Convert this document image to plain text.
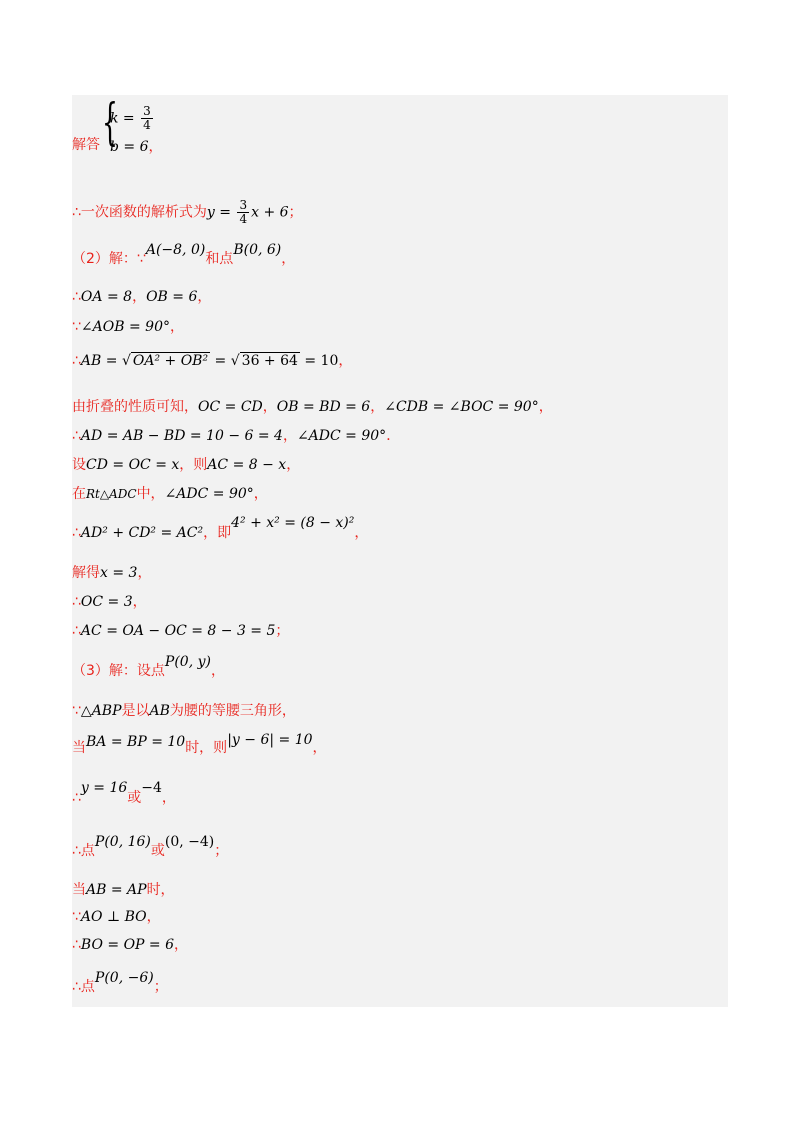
解答 {
$k = \frac{3}{4}$
b = 6，
∴一次函数的解析式为$y = \frac{3}{4}$ x + 6；
（2）解：∵A(−8, 0)和点B(0, 6)，
∴OA = 8，OB = 6，
∵∠AOB = 90°，
∴AB = √ OA² + OB² = √ 36 + 64 = 10，
由折叠的性质可知，OC = CD，OB = BD = 6，∠CDB = ∠BOC = 90°，
∴AD = AB − BD = 10 − 6 = 4，∠ADC = 90°．
设CD = OC = x，则AC = 8 − x，
在Rt△ADC中，∠ADC = 90°，
∴AD² + CD² = AC²，即4² + x² = (8 − x)²，
解得x = 3，
∴OC = 3，
∴AC = OA − OC = 8 − 3 = 5；
（3）解：设点P(0, y)，
∵△ABP是以AB为腰的等腰三角形，
当BA = BP = 10时，则|y − 6| = 10，
∴y = 16或−4，
∴点P(0, 16)或(0, −4)；
当AB = AP时，
∵AO ⊥ BO，
∴BO = OP = 6，
∴点P(0, −6)；
